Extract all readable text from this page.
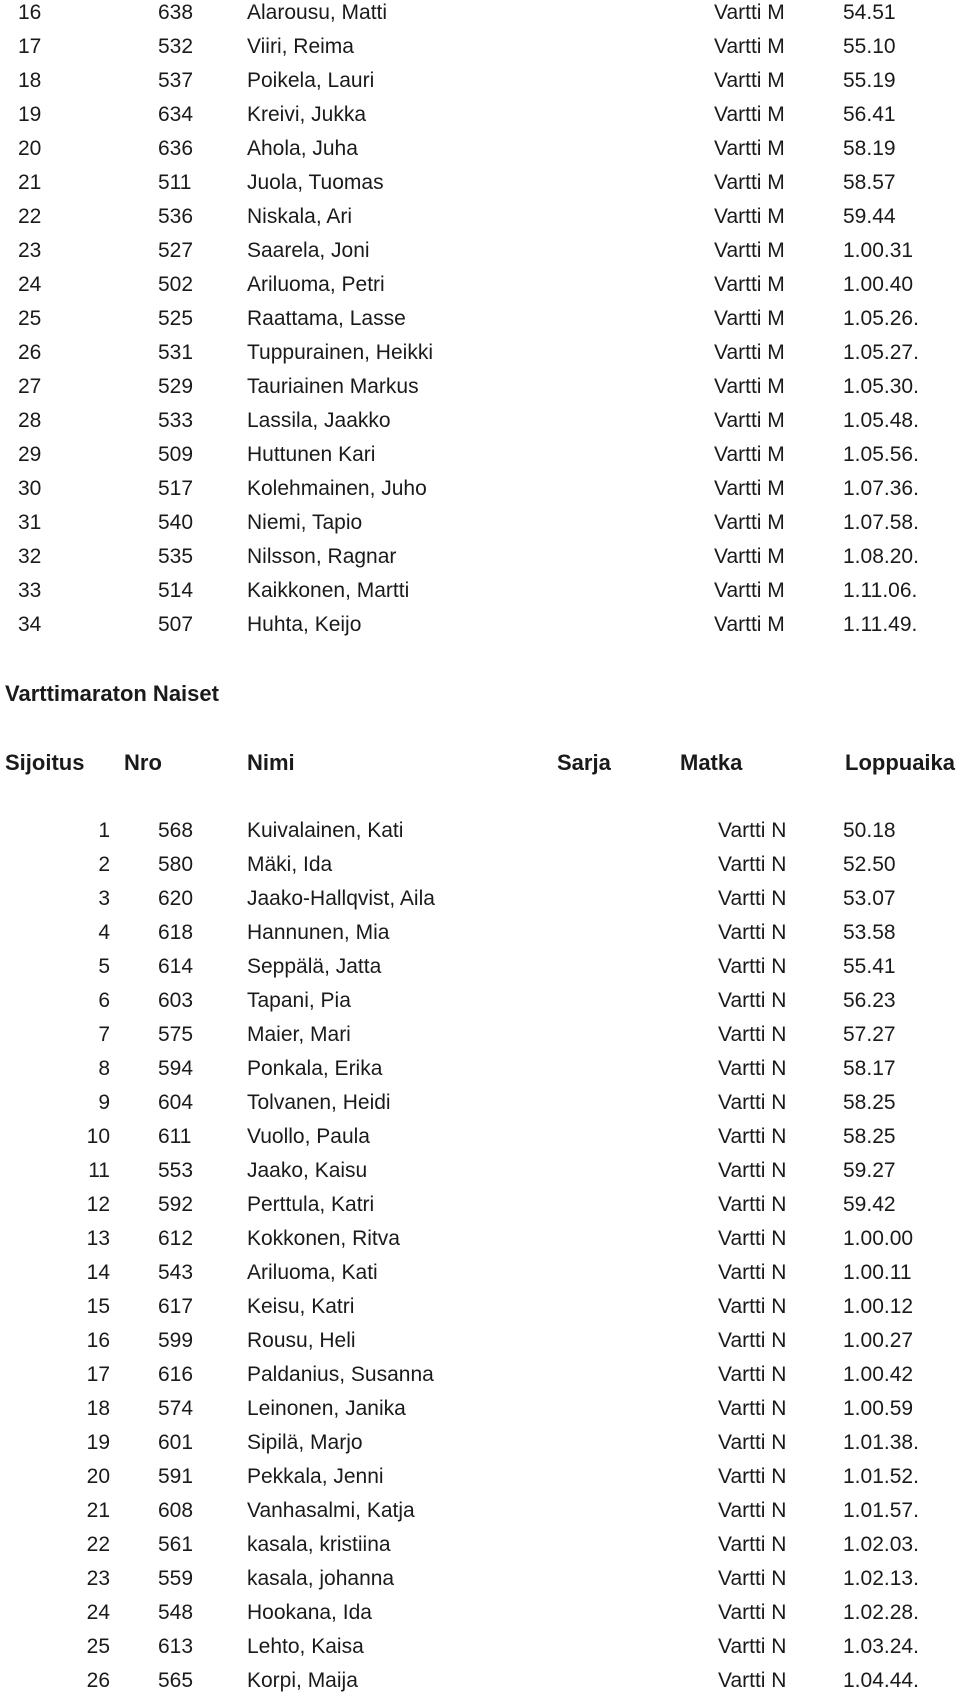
16	638	Alarousu, Matti	Vartti M	54.51
17	532	Viiri, Reima	Vartti M	55.10
18	537	Poikela, Lauri	Vartti M	55.19
19	634	Kreivi, Jukka	Vartti M	56.41
20	636	Ahola, Juha	Vartti M	58.19
21	511	Juola, Tuomas	Vartti M	58.57
22	536	Niskala, Ari	Vartti M	59.44
23	527	Saarela, Joni	Vartti M	1.00.31
24	502	Ariluoma, Petri	Vartti M	1.00.40
25	525	Raattama, Lasse	Vartti M	1.05.26.
26	531	Tuppurainen, Heikki	Vartti M	1.05.27.
27	529	Tauriainen Markus	Vartti M	1.05.30.
28	533	Lassila, Jaakko	Vartti M	1.05.48.
29	509	Huttunen Kari	Vartti M	1.05.56.
30	517	Kolehmainen, Juho	Vartti M	1.07.36.
31	540	Niemi, Tapio	Vartti M	1.07.58.
32	535	Nilsson, Ragnar	Vartti M	1.08.20.
33	514	Kaikkonen, Martti	Vartti M	1.11.06.
34	507	Huhta, Keijo	Vartti M	1.11.49.
Varttimaraton Naiset
Sijoitus Nro	Nimi	Sarja	Matka	Loppuaika
1 568	Kuivalainen, Kati	Vartti N	50.18
2 580	Mäki, Ida	Vartti N	52.50
3 620	Jaako-Hallqvist, Aila	Vartti N	53.07
4 618	Hannunen, Mia	Vartti N	53.58
5 614	Seppälä, Jatta	Vartti N	55.41
6 603	Tapani, Pia	Vartti N	56.23
7 575	Maier, Mari	Vartti N	57.27
8 594	Ponkala, Erika	Vartti N	58.17
9 604	Tolvanen, Heidi	Vartti N	58.25
10 611	Vuollo, Paula	Vartti N	58.25
11 553	Jaako, Kaisu	Vartti N	59.27
12 592	Perttula, Katri	Vartti N	59.42
13 612	Kokkonen, Ritva	Vartti N	1.00.00
14 543	Ariluoma, Kati	Vartti N	1.00.11
15 617	Keisu, Katri	Vartti N	1.00.12
16 599	Rousu, Heli	Vartti N	1.00.27
17 616	Paldanius, Susanna	Vartti N	1.00.42
18 574	Leinonen, Janika	Vartti N	1.00.59
19 601	Sipilä, Marjo	Vartti N	1.01.38.
20 591	Pekkala, Jenni	Vartti N	1.01.52.
21 608	Vanhasalmi, Katja	Vartti N	1.01.57.
22 561	kasala, kristiina	Vartti N	1.02.03.
23 559	kasala, johanna	Vartti N	1.02.13.
24 548	Hookana, Ida	Vartti N	1.02.28.
25 613	Lehto, Kaisa	Vartti N	1.03.24.
26 565	Korpi, Maija	Vartti N	1.04.44.
